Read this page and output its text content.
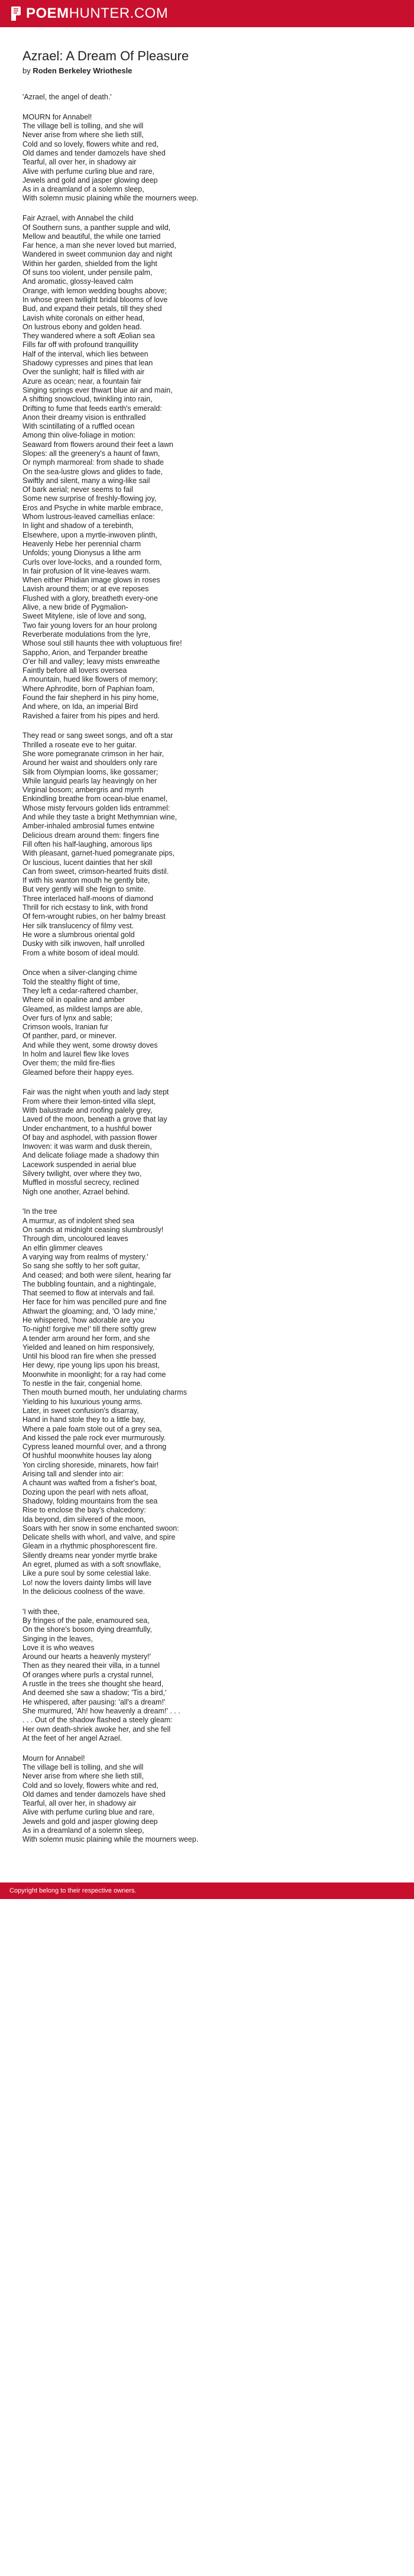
POEMHUNTER.COM
Azrael: A Dream Of Pleasure
by Roden Berkeley Wriothesle
'Azrael, the angel of death.'
MOURN for Annabel!
The village bell is tolling, and she will
Never arise from where she lieth still,
Cold and so lovely, flowers white and red,
Old dames and tender damozels have shed
Tearful, all over her, in shadowy air
Alive with perfume curling blue and rare,
Jewels and gold and jasper glowing deep
As in a dreamland of a solemn sleep,
With solemn music plaining while the mourners weep.
Fair Azrael, with Annabel the child
Of Southern suns, a panther supple and wild,
Mellow and beautiful, the while one tarried
Far hence, a man she never loved but married,
Wandered in sweet communion day and night
Within her garden, shielded from the light
Of suns too violent, under pensile palm,
And aromatic, glossy-leaved calm
Orange, with lemon wedding boughs above;
In whose green twilight bridal blooms of love
Bud, and expand their petals, till they shed
Lavish white coronals on either head,
On lustrous ebony and golden head.
They wandered where a soft Æolian sea
Fills far off with profound tranquillity
Half of the interval, which lies between
Shadowy cypresses and pines that lean
Over the sunlight; half is filled with air
Azure as ocean; near, a fountain fair
Singing springs ever thwart blue air and main,
A shifting snowcloud, twinkling into rain,
Drifting to fume that feeds earth's emerald:
Anon their dreamy vision is enthralled
With scintillating of a ruffled ocean
Among thin olive-foliage in motion:
Seaward from flowers around their feet a lawn
Slopes: all the greenery's a haunt of fawn,
Or nymph marmoreal: from shade to shade
On the sea-lustre glows and glides to fade,
Swiftly and silent, many a wing-like sail
Of bark aerial; never seems to fail
Some new surprise of freshly-flowing joy,
Eros and Psyche in white marble embrace,
Whom lustrous-leaved camellias enlace:
In light and shadow of a terebinth,
Elsewhere, upon a myrtle-inwoven plinth,
Heavenly Hebe her perennial charm
Unfolds; young Dionysus a lithe arm
Curls over love-locks, and a rounded form,
In fair profusion of lit vine-leaves warm.
When either Phidian image glows in roses
Lavish around them; or at eve reposes
Flushed with a glory, breatheth every-one
Alive, a new bride of Pygmalion-
Sweet Mitylene, isle of love and song,
Two fair young lovers for an hour prolong
Reverberate modulations from the lyre,
Whose soul still haunts thee with voluptuous fire!
Sappho, Arion, and Terpander breathe
O'er hill and valley; leavy mists enwreathe
Faintly before all lovers oversea
A mountain, hued like flowers of memory;
Where Aphrodite, born of Paphian foam,
Found the fair shepherd in his piny home,
And where, on Ida, an imperial Bird
Ravished a fairer from his pipes and herd.
They read or sang sweet songs, and oft a star
Thrilled a roseate eve to her guitar.
She wore pomegranate crimson in her hair,
Around her waist and shoulders only rare
Silk from Olympian looms, like gossamer;
While languid pearls lay heavingly on her
Virginal bosom; ambergris and myrrh
Enkindling breathe from ocean-blue enamel,
Whose misty fervours golden lids entrammel:
And while they taste a bright Methymnian wine,
Amber-inhaled ambrosial fumes entwine
Delicious dream around them: fingers fine
Fill often his half-laughing, amorous lips
With pleasant, garnet-hued pomegranate pips,
Or luscious, lucent dainties that her skill
Can from sweet, crimson-hearted fruits distil.
If with his wanton mouth he gently bite,
But very gently will she feign to smite.
Three interlaced half-moons of diamond
Thrill for rich ecstasy to link, with frond
Of fern-wrought rubies, on her balmy breast
Her silk translucency of filmy vest.
He wore a slumbrous oriental gold
Dusky with silk inwoven, half unrolled
From a white bosom of ideal mould.
Once when a silver-clanging chime
Told the stealthy flight of time,
They left a cedar-raftered chamber,
Where oil in opaline and amber
Gleamed, as mildest lamps are able,
Over furs of lynx and sable;
Crimson wools, Iranian fur
Of panther, pard, or minever.
And while they went, some drowsy doves
In holm and laurel flew like loves
Over them; the mild fire-flies
Gleamed before their happy eyes.
Fair was the night when youth and lady stept
From where their lemon-tinted villa slept,
With balustrade and roofing palely grey,
Laved of the moon, beneath a grove that lay
Under enchantment, to a hushful bower
Of bay and asphodel, with passion flower
Inwoven: it was warm and dusk therein,
And delicate foliage made a shadowy thin
Lacework suspended in aerial blue
Silvery twilight, over where they two,
Muffled in mossful secrecy, reclined
Nigh one another, Azrael behind.
'In the tree
A murmur, as of indolent shed sea
On sands at midnight ceasing slumbrously!
Through dim, uncoloured leaves
An elfin glimmer cleaves
A varying way from realms of mystery.'
So sang she softly to her soft guitar,
And ceased; and both were silent, hearing far
The bubbling fountain, and a nightingale,
That seemed to flow at intervals and fail.
Her face for him was pencilled pure and fine
Athwart the gloaming; and, 'O lady mine,'
He whispered, 'how adorable are you
To-night! forgive me!' till there softly grew
A tender arm around her form, and she
Yielded and leaned on him responsively,
Until his blood ran fire when she pressed
Her dewy, ripe young lips upon his breast,
Moonwhite in moonlight; for a ray had come
To nestle in the fair, congenial home.
Then mouth burned mouth, her undulating charms
Yielding to his luxurious young arms.
Later, in sweet confusion's disarray,
Hand in hand stole they to a little bay,
Where a pale foam stole out of a grey sea,
And kissed the pale rock ever murmurously.
Cypress leaned mournful over, and a throng
Of hushful moonwhite houses lay along
Yon circling shoreside, minarets, how fair!
Arising tall and slender into air:
A chaunt was wafted from a fisher's boat,
Dozing upon the pearl with nets afloat,
Shadowy, folding mountains from the sea
Rise to enclose the bay's chalcedony:
Ida beyond, dim silvered of the moon,
Soars with her snow in some enchanted swoon:
Delicate shells with whorl, and valve, and spire
Gleam in a rhythmic phosphorescent fire.
Silently dreams near yonder myrtle brake
An egret, plumed as with a soft snowflake,
Like a pure soul by some celestial lake.
Lo! now the lovers dainty limbs will lave
In the delicious coolness of the wave.
'I with thee,
By fringes of the pale, enamoured sea,
On the shore's bosom dying dreamfully,
Singing in the leaves,
Love it is who weaves
Around our hearts a heavenly mystery!'
Then as they neared their villa, in a tunnel
Of oranges where purls a crystal runnel,
A rustle in the trees she thought she heard,
And deemed she saw a shadow; 'Tis a bird,'
He whispered, after pausing: 'all's a dream!'
She murmured, 'Ah! how heavenly a dream!' . . .
. . . Out of the shadow flashed a steely gleam:
Her own death-shriek awoke her, and she fell
At the feet of her angel Azrael.
Mourn for Annabel!
The village bell is tolling, and she will
Never arise from where she lieth still,
Cold and so lovely, flowers white and red,
Old dames and tender damozels have shed
Tearful, all over her, in shadowy air
Alive with perfume curling blue and rare,
Jewels and gold and jasper glowing deep
As in a dreamland of a solemn sleep,
With solemn music plaining while the mourners weep.
Copyright belong to their respective owners.
